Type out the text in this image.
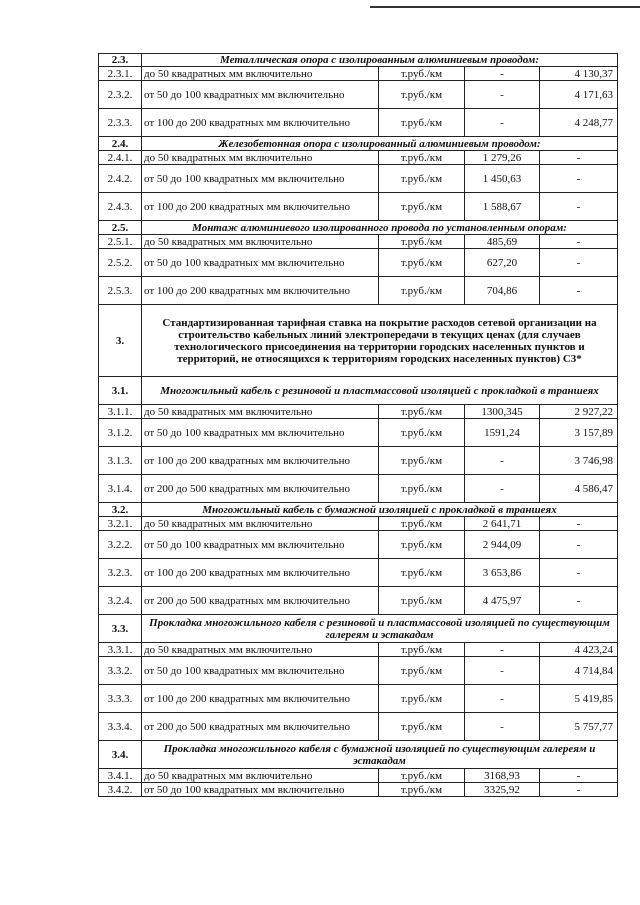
2.3.	Металлическая опора с изолированным алюминиевым проводом:			
2.3.1.	до 50 квадратных мм включительно	т.руб./км	-	4 130,37
2.3.2.	от 50 до 100 квадратных мм включительно	т.руб./км	-	4 171,63
2.3.3.	от 100 до 200 квадратных мм включительно	т.руб./км	-	4 248,77
2.4.	Железобетонная опора с изолированный алюминиевым проводом:			
2.4.1.	до 50 квадратных мм включительно	т.руб./км	1 279,26	-
2.4.2.	от 50 до 100 квадратных мм включительно	т.руб./км	1 450,63	-
2.4.3.	от 100 до 200 квадратных мм включительно	т.руб./км	1 588,67	-
2.5.	Монтаж алюминиевого изолированного провода по установленным опорам:			
2.5.1.	до 50 квадратных мм включительно	т.руб./км	485,69	-
2.5.2.	от 50 до 100 квадратных мм включительно	т.руб./км	627,20	-
2.5.3.	от 100 до 200 квадратных мм включительно	т.руб./км	704,86	-
3.	Стандартизированная тарифная ставка на покрытие расходов сетевой организации на строительство кабельных линий электропередачи в текущих ценах (для случаев технологического присоединения на территории городских населенных пунктов и территорий, не относящихся к территориям городских населенных пунктов) С3*			
3.1.	Многожильный кабель с резиновой и пластмассовой изоляцией с прокладкой в траншеях			
3.1.1.	до 50 квадратных мм включительно	т.руб./км	1300,345	2 927,22
3.1.2.	от 50 до 100 квадратных мм включительно	т.руб./км	1591,24	3 157,89
3.1.3.	от 100 до 200 квадратных мм включительно	т.руб./км	-	3 746,98
3.1.4.	от 200 до 500 квадратных мм включительно	т.руб./км	-	4 586,47
3.2.	Многожильный кабель с бумажной изоляцией с прокладкой в траншеях			
3.2.1.	до 50 квадратных мм включительно	т.руб./км	2 641,71	-
3.2.2.	от 50 до 100 квадратных мм включительно	т.руб./км	2 944,09	-
3.2.3.	от 100 до 200 квадратных мм включительно	т.руб./км	3 653,86	-
3.2.4.	от 200 до 500 квадратных мм включительно	т.руб./км	4 475,97	-
3.3.	Прокладка многожильного кабеля с резиновой и пластмассовой изоляцией по существующим галереям и эстакадам			
3.3.1.	до 50 квадратных мм включительно	т.руб./км	-	4 423,24
3.3.2.	от 50 до 100 квадратных мм включительно	т.руб./км	-	4 714,84
3.3.3.	от 100 до 200 квадратных мм включительно	т.руб./км	-	5 419,85
3.3.4.	от 200 до 500 квадратных мм включительно	т.руб./км	-	5 757,77
3.4.	Прокладка многожильного кабеля с бумажной изоляцией по существующим галереям и эстакадам			
3.4.1.	до 50 квадратных мм включительно	т.руб./км	3168,93	-
3.4.2.	от 50 до 100 квадратных мм включительно	т.руб./км	3325,92	-
